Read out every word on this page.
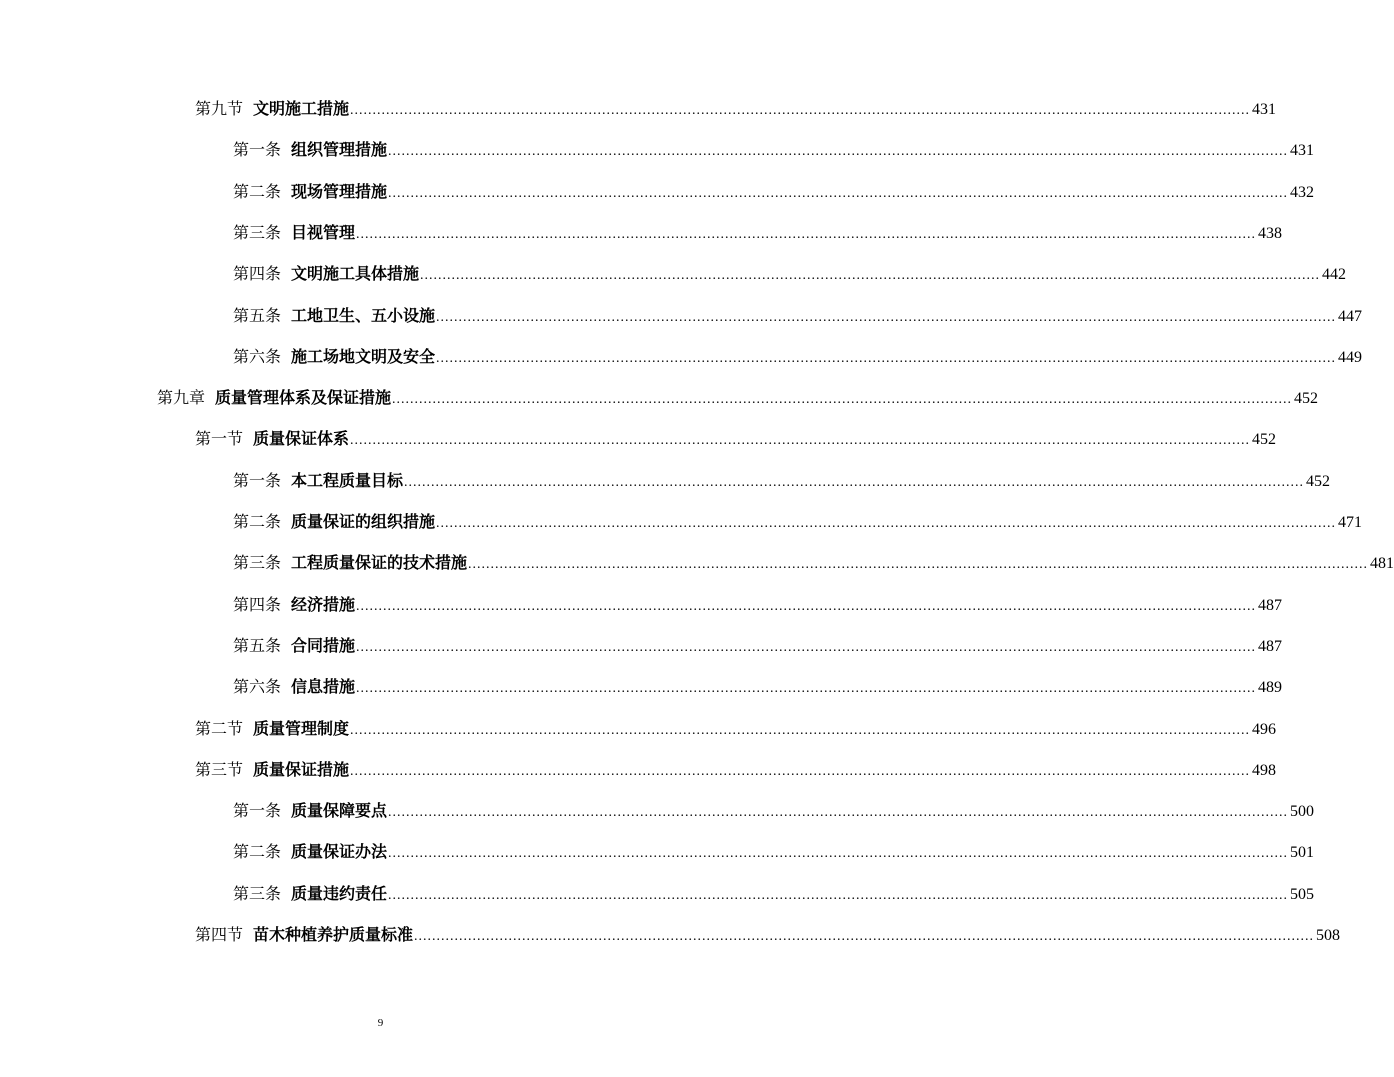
第九节 文明施工措施 ........................................................................................................................................................................................................ 431
第一条 组织管理措施 ........................................................................................................................................................................................................ 431
第二条 现场管理措施 ........................................................................................................................................................................................................ 432
第三条 目视管理 ........................................................................................................................................................................................................ 438
第四条 文明施工具体措施 ........................................................................................................................................................................................................ 442
第五条 工地卫生、五小设施 ........................................................................................................................................................................................................ 447
第六条 施工场地文明及安全 ........................................................................................................................................................................................................ 449
第九章 质量管理体系及保证措施 ........................................................................................................................................................................................................ 452
第一节 质量保证体系 ........................................................................................................................................................................................................ 452
第一条 本工程质量目标 ........................................................................................................................................................................................................ 452
第二条 质量保证的组织措施 ........................................................................................................................................................................................................ 471
第三条 工程质量保证的技术措施 ........................................................................................................................................................................................................ 481
第四条 经济措施 ........................................................................................................................................................................................................ 487
第五条 合同措施 ........................................................................................................................................................................................................ 487
第六条 信息措施 ........................................................................................................................................................................................................ 489
第二节 质量管理制度 ........................................................................................................................................................................................................ 496
第三节 质量保证措施 ........................................................................................................................................................................................................ 498
第一条 质量保障要点 ........................................................................................................................................................................................................ 500
第二条 质量保证办法 ........................................................................................................................................................................................................ 501
第三条 质量违约责任 ........................................................................................................................................................................................................ 505
第四节 苗木种植养护质量标准 ........................................................................................................................................................................................................ 508
9
